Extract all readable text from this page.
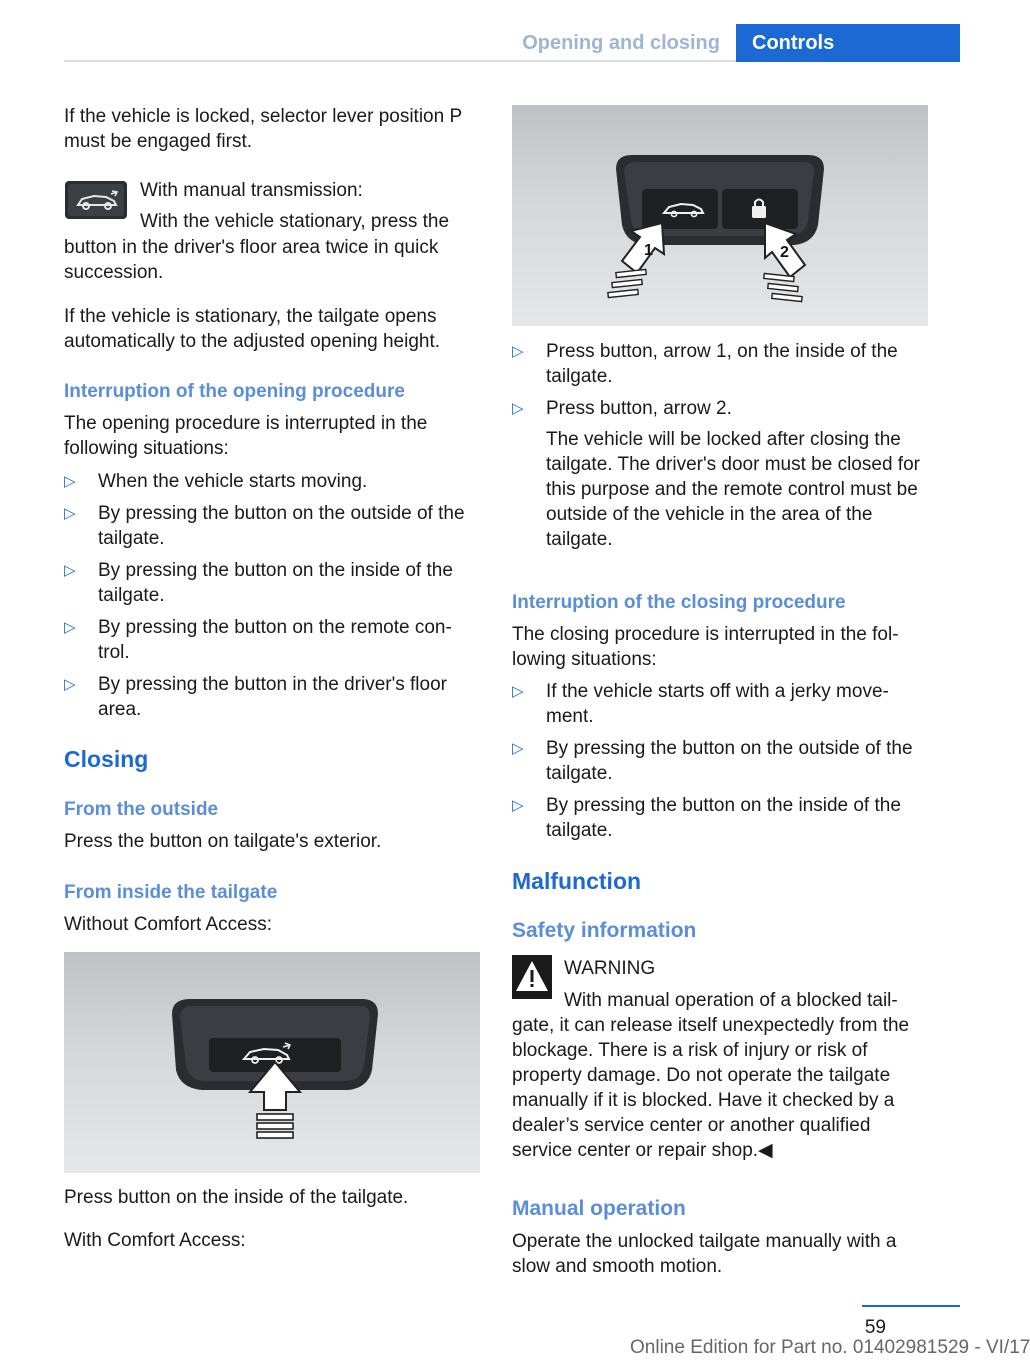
Opening and closing	Controls

If the vehicle is locked, selector lever position P must be engaged first.

With manual transmission:

With the vehicle stationary, press the

button in the driver's floor area twice in quick succession.

If the vehicle is stationary, the tailgate opens automatically to the adjusted opening height.

Interruption of the opening procedure

The opening procedure is interrupted in the following situations:

▷ When the vehicle starts moving.
▷ By pressing the button on the outside of the tailgate.
▷ By pressing the button on the inside of the tailgate.
▷ By pressing the button on the remote con‐trol.
▷ By pressing the button in the driver's floor area.

Closing

From the outside

Press the button on tailgate's exterior.

From inside the tailgate

Without Comfort Access:

Press button on the inside of the tailgate.

With Comfort Access:

1	2
▷ Press button, arrow 1, on the inside of the tailgate.
▷ Press button, arrow 2.
The vehicle will be locked after closing the tailgate. The driver's door must be closed for this purpose and the remote control must be outside of the vehicle in the area of the tailgate.

Interruption of the closing procedure

The closing procedure is interrupted in the fol‐lowing situations:

▷ If the vehicle starts off with a jerky move‐ment.
▷ By pressing the button on the outside of the tailgate.
▷ By pressing the button on the inside of the tailgate.

Malfunction

Safety information

WARNING

With manual operation of a blocked tail‐

gate, it can release itself unexpectedly from the blockage. There is a risk of injury or risk of property damage. Do not operate the tailgate manually if it is blocked. Have it checked by a dealer’s service center or another qualified service center or repair shop.◀

Manual operation

Operate the unlocked tailgate manually with a slow and smooth motion.

59
Online Edition for Part no. 01402981529 - VI/17
